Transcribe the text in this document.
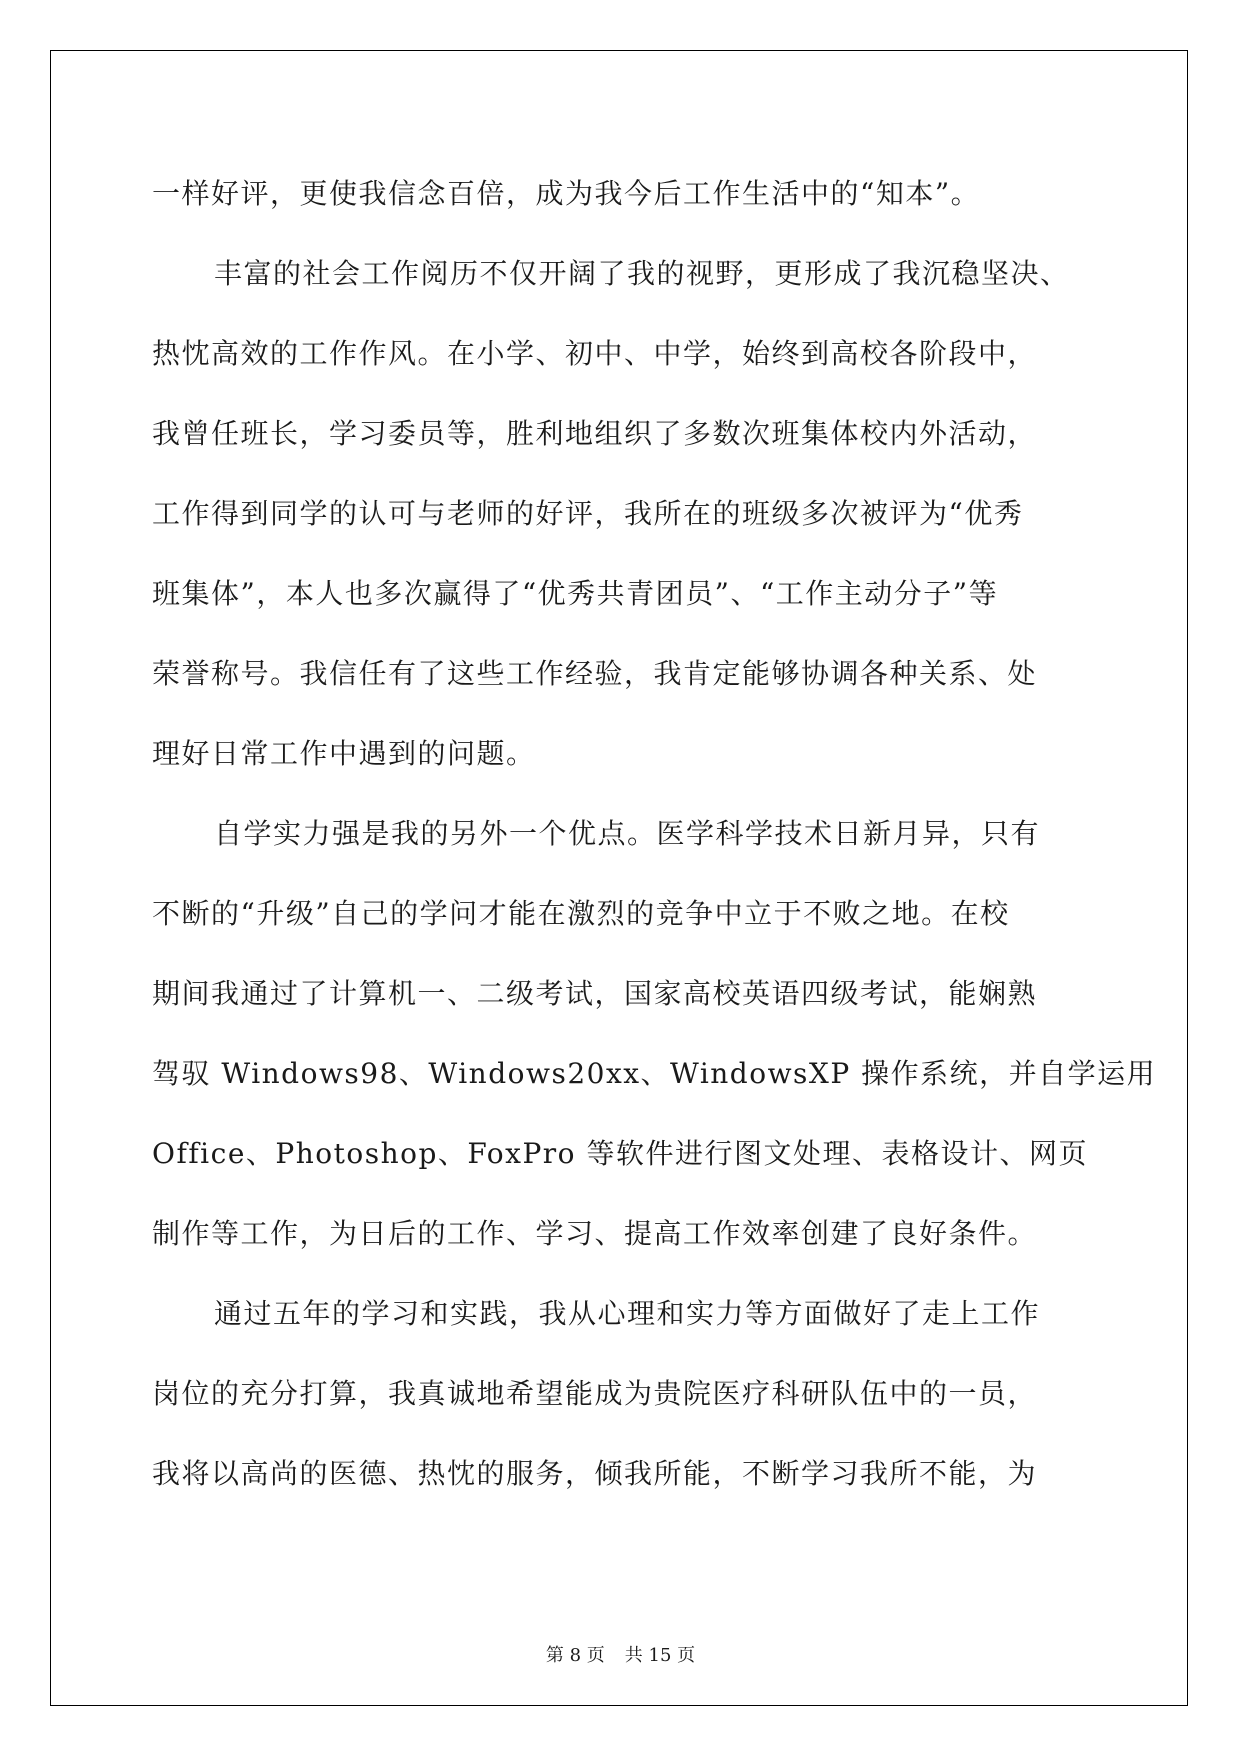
一样好评，更使我信念百倍，成为我今后工作生活中的“知本”。
丰富的社会工作阅历不仅开阔了我的视野，更形成了我沉稳坚决、
热忱高效的工作作风。在小学、初中、中学，始终到高校各阶段中，
我曾任班长，学习委员等，胜利地组织了多数次班集体校内外活动，
工作得到同学的认可与老师的好评，我所在的班级多次被评为“优秀
班集体”，本人也多次赢得了“优秀共青团员”、“工作主动分子”等
荣誉称号。我信任有了这些工作经验，我肯定能够协调各种关系、处
理好日常工作中遇到的问题。
自学实力强是我的另外一个优点。医学科学技术日新月异，只有
不断的“升级”自己的学问才能在激烈的竞争中立于不败之地。在校
期间我通过了计算机一、二级考试，国家高校英语四级考试，能娴熟
驾驭 Windows98、Windows20xx、WindowsXP 操作系统，并自学运用
Office、Photoshop、FoxPro 等软件进行图文处理、表格设计、网页
制作等工作，为日后的工作、学习、提高工作效率创建了良好条件。
通过五年的学习和实践，我从心理和实力等方面做好了走上工作
岗位的充分打算，我真诚地希望能成为贵院医疗科研队伍中的一员，
我将以高尚的医德、热忱的服务，倾我所能，不断学习我所不能，为
第 8 页 共 15 页
